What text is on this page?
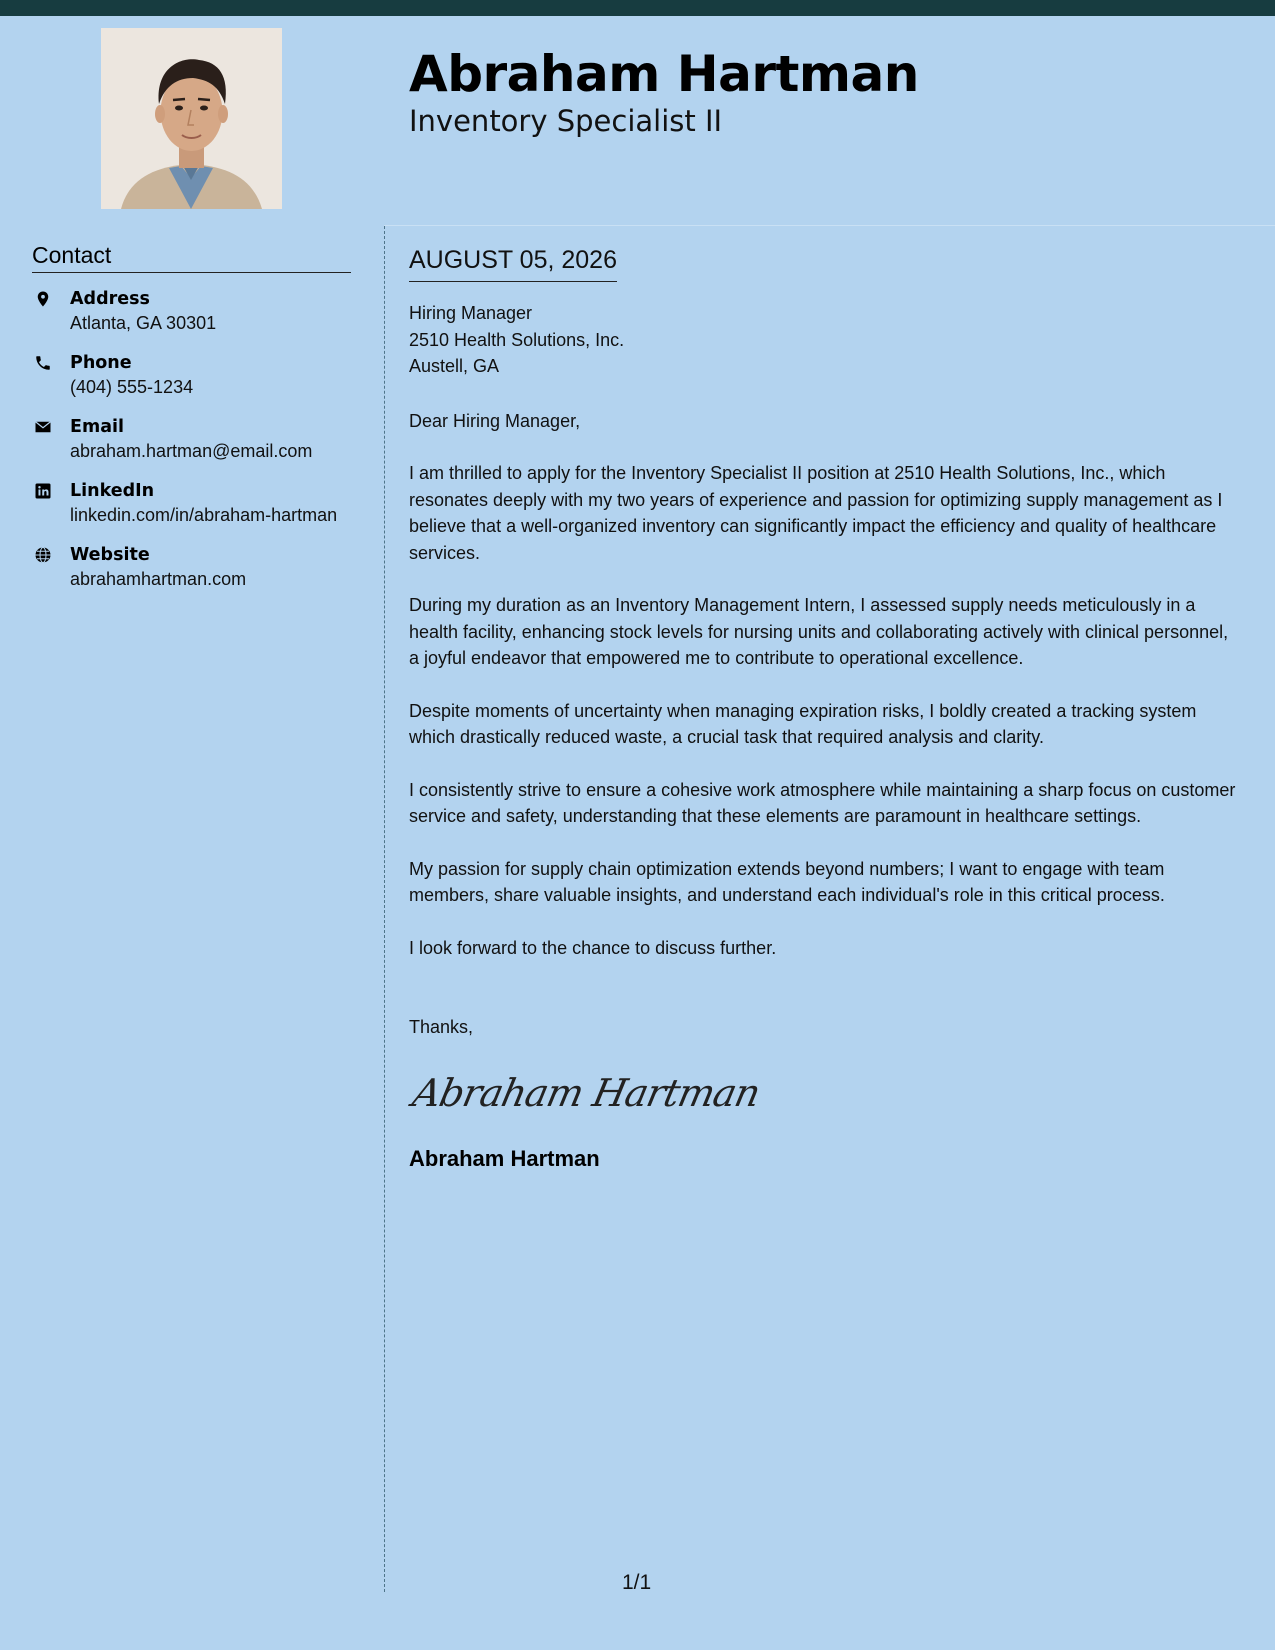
Abraham Hartman
Inventory Specialist II
Contact
Address
Atlanta, GA 30301
Phone
(404) 555-1234
Email
abraham.hartman@email.com
LinkedIn
linkedin.com/in/abraham-hartman
Website
abrahamhartman.com
AUGUST 05, 2026
Hiring Manager
2510 Health Solutions, Inc.
Austell, GA
Dear Hiring Manager,
I am thrilled to apply for the Inventory Specialist II position at 2510 Health Solutions, Inc., which resonates deeply with my two years of experience and passion for optimizing supply management as I believe that a well-organized inventory can significantly impact the efficiency and quality of healthcare services.
During my duration as an Inventory Management Intern, I assessed supply needs meticulously in a health facility, enhancing stock levels for nursing units and collaborating actively with clinical personnel, a joyful endeavor that empowered me to contribute to operational excellence.
Despite moments of uncertainty when managing expiration risks, I boldly created a tracking system which drastically reduced waste, a crucial task that required analysis and clarity.
I consistently strive to ensure a cohesive work atmosphere while maintaining a sharp focus on customer service and safety, understanding that these elements are paramount in healthcare settings.
My passion for supply chain optimization extends beyond numbers; I want to engage with team members, share valuable insights, and understand each individual's role in this critical process.
I look forward to the chance to discuss further.
Thanks,
Abraham Hartman
Abraham Hartman
1/1
